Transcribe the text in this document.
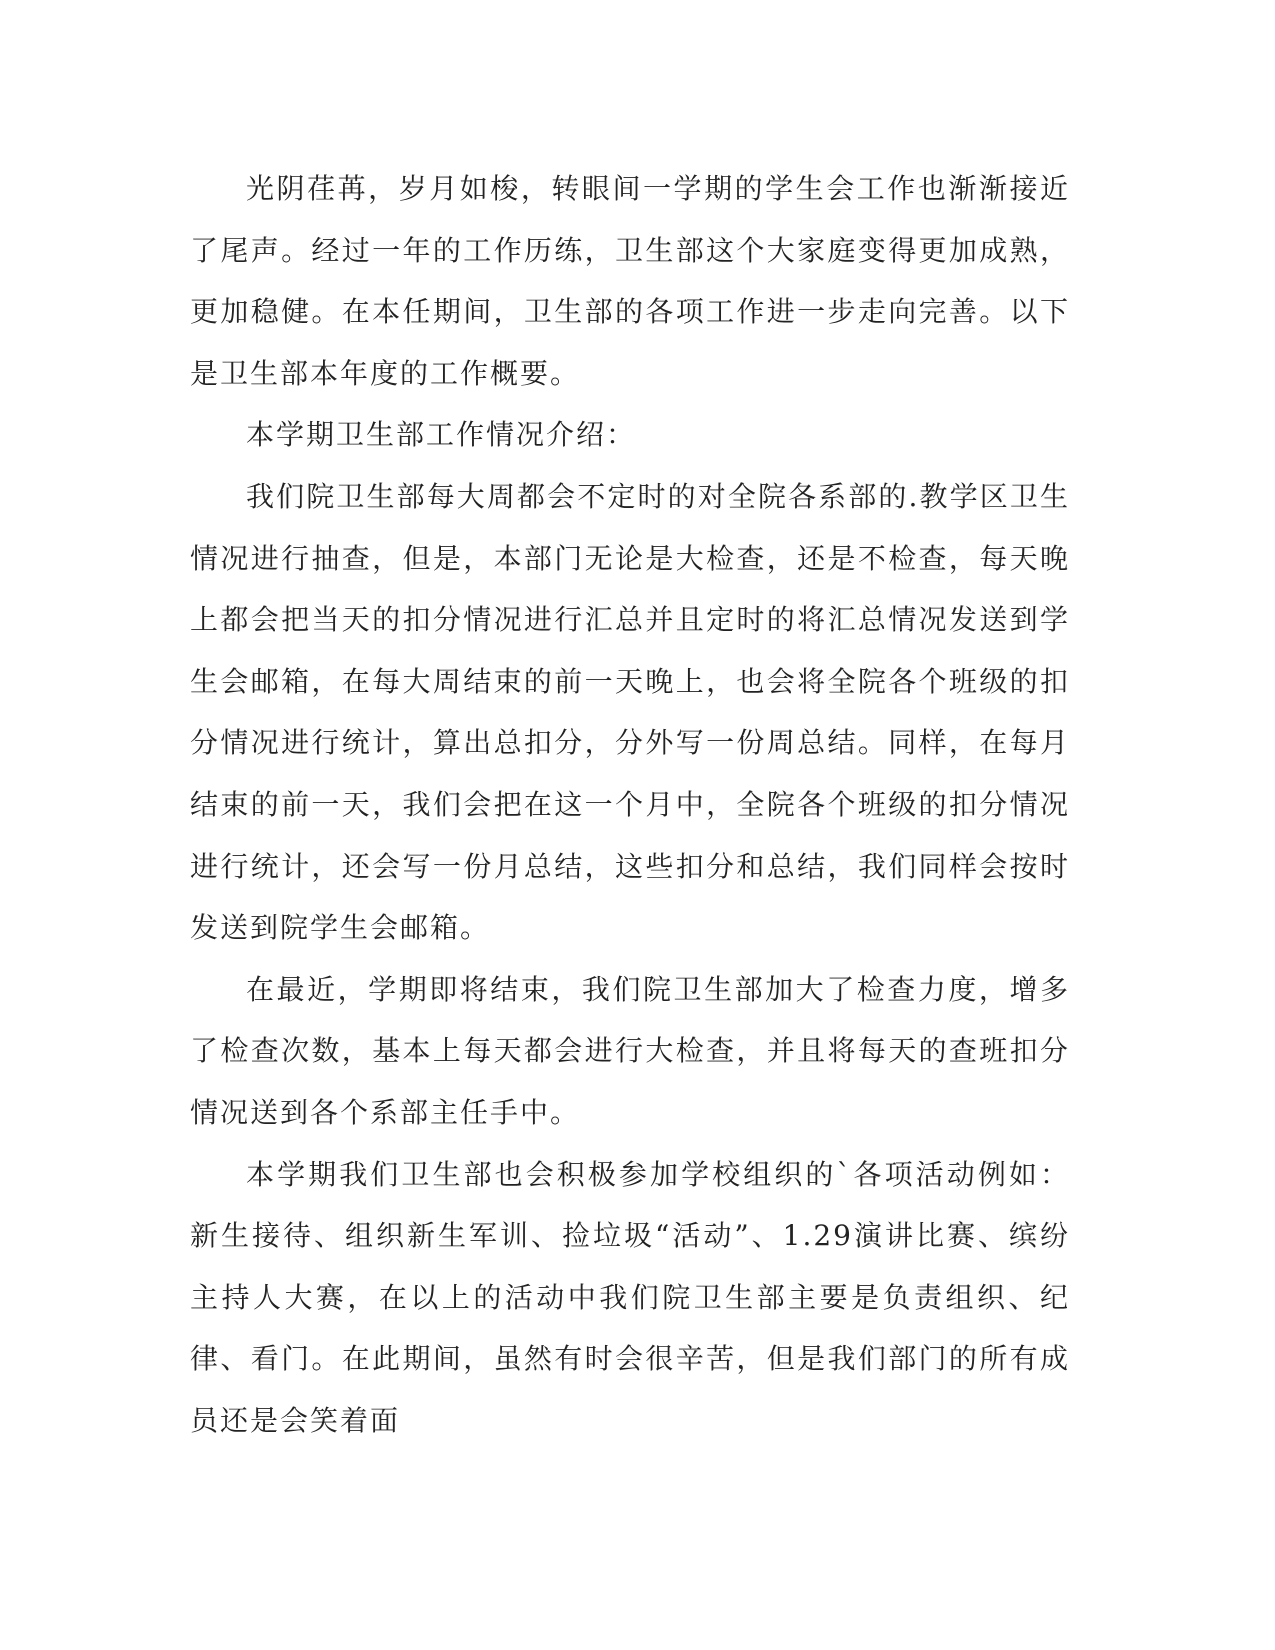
光阴荏苒，岁月如梭，转眼间一学期的学生会工作也渐渐接近了尾声。经过一年的工作历练，卫生部这个大家庭变得更加成熟，更加稳健。在本任期间，卫生部的各项工作进一步走向完善。以下是卫生部本年度的工作概要。

本学期卫生部工作情况介绍：

我们院卫生部每大周都会不定时的对全院各系部的.教学区卫生情况进行抽查，但是，本部门无论是大检查，还是不检查，每天晚上都会把当天的扣分情况进行汇总并且定时的将汇总情况发送到学生会邮箱，在每大周结束的前一天晚上，也会将全院各个班级的扣分情况进行统计，算出总扣分，分外写一份周总结。同样，在每月结束的前一天，我们会把在这一个月中，全院各个班级的扣分情况进行统计，还会写一份月总结，这些扣分和总结，我们同样会按时发送到院学生会邮箱。

在最近，学期即将结束，我们院卫生部加大了检查力度，增多了检查次数，基本上每天都会进行大检查，并且将每天的查班扣分情况送到各个系部主任手中。

本学期我们卫生部也会积极参加学校组织的`各项活动例如：新生接待、组织新生军训、捡垃圾“活动”、1.29演讲比赛、缤纷主持人大赛，在以上的活动中我们院卫生部主要是负责组织、纪律、看门。在此期间，虽然有时会很辛苦，但是我们部门的所有成员还是会笑着面
